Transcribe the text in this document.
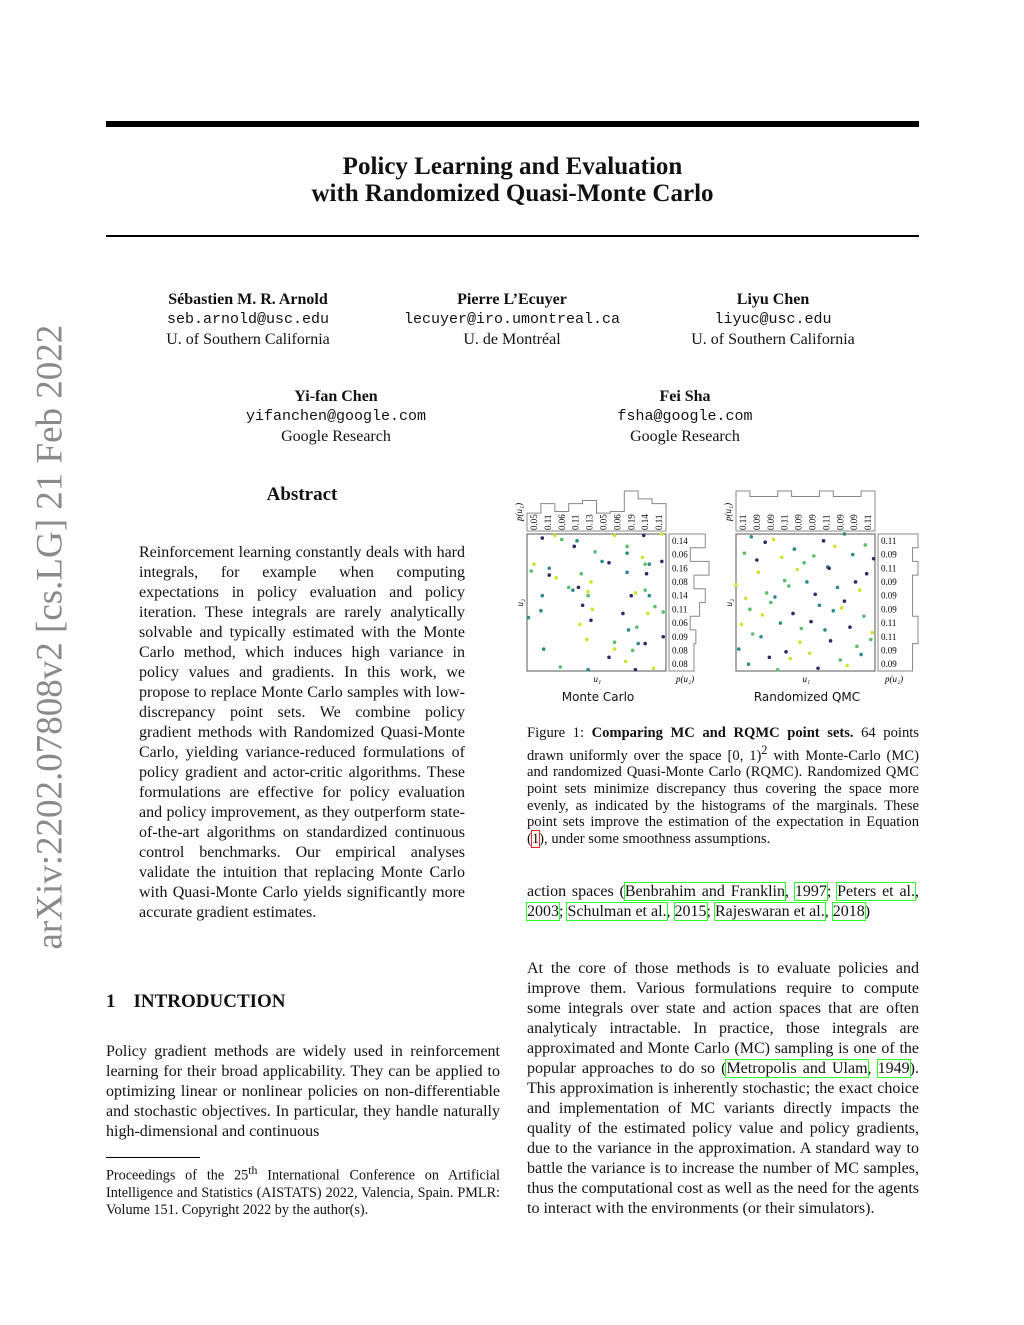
arXiv:2202.07808v2 [cs.LG] 21 Feb 2022
Policy Learning and Evaluation
with Randomized Quasi-Monte Carlo
Sébastien M. R. Arnold
seb.arnold@usc.edu
U. of Southern California
Pierre L’Ecuyer
lecuyer@iro.umontreal.ca
U. de Montréal
Liyu Chen
liyuc@usc.edu
U. of Southern California
Yi-fan Chen
yifanchen@google.com
Google Research
Fei Sha
fsha@google.com
Google Research
Abstract
Reinforcement learning constantly deals with hard integrals, for example when computing expectations in policy evaluation and policy iteration. These integrals are rarely analytically solvable and typically estimated with the Monte Carlo method, which induces high variance in policy values and gradients. In this work, we propose to replace Monte Carlo samples with low-discrepancy point sets. We combine policy gradient methods with Randomized Quasi-Monte Carlo, yielding variance-reduced formulations of policy gradient and actor-critic algorithms. These formulations are effective for policy evaluation and policy improvement, as they outperform state-of-the-art algorithms on standardized continuous control benchmarks. Our empirical analyses validate the intuition that replacing Monte Carlo with Quasi-Monte Carlo yields significantly more accurate gradient estimates.
1 INTRODUCTION
Policy gradient methods are widely used in reinforcement learning for their broad applicability. They can be applied to optimizing linear or nonlinear policies on non-differentiable and stochastic objectives. In particular, they handle naturally high-dimensional and continuous
Proceedings of the 25th International Conference on Artificial Intelligence and Statistics (AISTATS) 2022, Valencia, Spain. PMLR: Volume 151. Copyright 2022 by the author(s).
0.05 0.11 0.06 0.11 0.13 0.05 0.06 0.19 0.14 0.11
p(u₁)
0.14
0.06
0.16
0.08
0.14
0.11
0.06
0.09
0.08
0.08
p(u₂)
u₁
u₂
Monte Carlo
0.11 0.09 0.09 0.11 0.09 0.09 0.11 0.09 0.09 0.11
p(u₁)
0.11
0.09
0.11
0.09
0.09
0.09
0.11
0.11
0.09
0.09
p(u₂)
u₁
u₂
Randomized QMC
Figure 1: Comparing MC and RQMC point sets. 64 points drawn uniformly over the space [0, 1)$^2$ with Monte-Carlo (MC) and randomized Quasi-Monte Carlo (RQMC). Randomized QMC point sets minimize discrepancy thus covering the space more evenly, as indicated by the histograms of the marginals. These point sets improve the estimation of the expectation in Equation (1), under some smoothness assumptions.
action spaces (Benbrahim and Franklin, 1997; Peters et al., 2003; Schulman et al., 2015; Rajeswaran et al., 2018)
At the core of those methods is to evaluate policies and improve them. Various formulations require to compute some integrals over state and action spaces that are often analyticaly intractable. In practice, those integrals are approximated and Monte Carlo (MC) sampling is one of the popular approaches to do so (Metropolis and Ulam, 1949). This approximation is inherently stochastic; the exact choice and implementation of MC variants directly impacts the quality of the estimated policy value and policy gradients, due to the variance in the approximation. A standard way to battle the variance is to increase the number of MC samples, thus the computational cost as well as the need for the agents to interact with the environments (or their simulators).
